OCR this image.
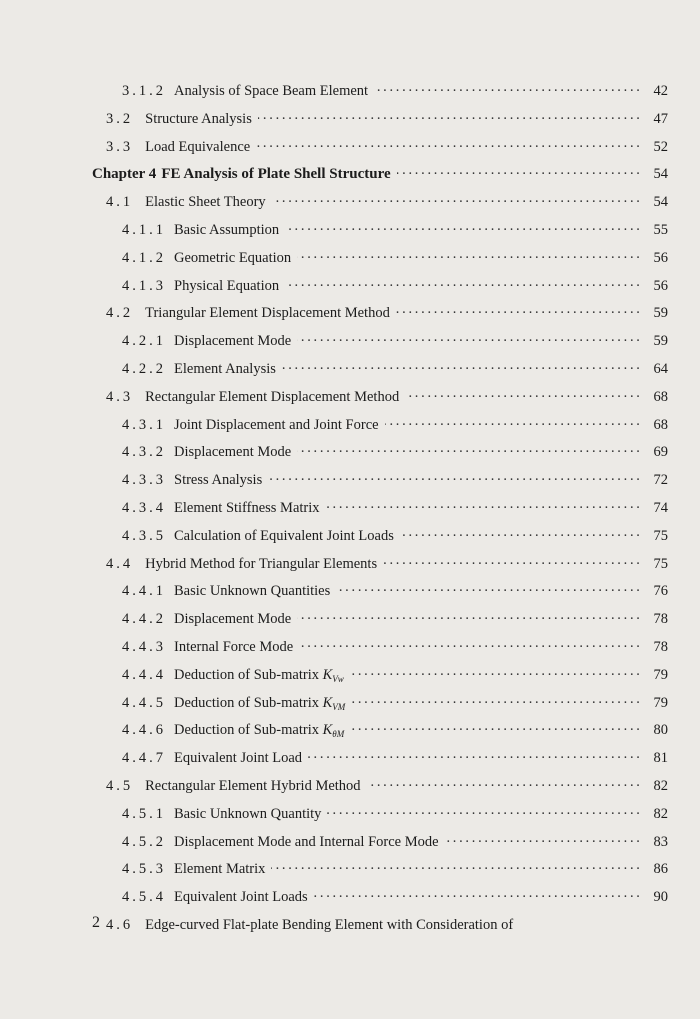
3.1.2 Analysis of Space Beam Element ·····	42
3.2 Structure Analysis ·····	47
3.3 Load Equivalence ·····	52
Chapter 4 FE Analysis of Plate Shell Structure ·····	54
4.1 Elastic Sheet Theory ·····	54
4.1.1 Basic Assumption ·····	55
4.1.2 Geometric Equation ·····	56
4.1.3 Physical Equation ·····	56
4.2 Triangular Element Displacement Method ·····	59
4.2.1 Displacement Mode ·····	59
4.2.2 Element Analysis ·····	64
4.3 Rectangular Element Displacement Method ·····	68
4.3.1 Joint Displacement and Joint Force ·····	68
4.3.2 Displacement Mode ·····	69
4.3.3 Stress Analysis ·····	72
4.3.4 Element Stiffness Matrix ·····	74
4.3.5 Calculation of Equivalent Joint Loads ·····	75
4.4 Hybrid Method for Triangular Elements ·····	75
4.4.1 Basic Unknown Quantities ·····	76
4.4.2 Displacement Mode ·····	78
4.4.3 Internal Force Mode ·····	78
4.4.4 Deduction of Sub-matrix $K_{Vw}$ ·····	79
4.4.5 Deduction of Sub-matrix $K_{VM}$ ·····	79
4.4.6 Deduction of Sub-matrix $K_{\theta M}$ ·····	80
4.4.7 Equivalent Joint Load ·····	81
4.5 Rectangular Element Hybrid Method ·····	82
4.5.1 Basic Unknown Quantity ·····	82
4.5.2 Displacement Mode and Internal Force Mode ·····	83
4.5.3 Element Matrix ·····	86
4.5.4 Equivalent Joint Loads ·····	90
4.6 Edge-curved Flat-plate Bending Element with Consideration of
2
